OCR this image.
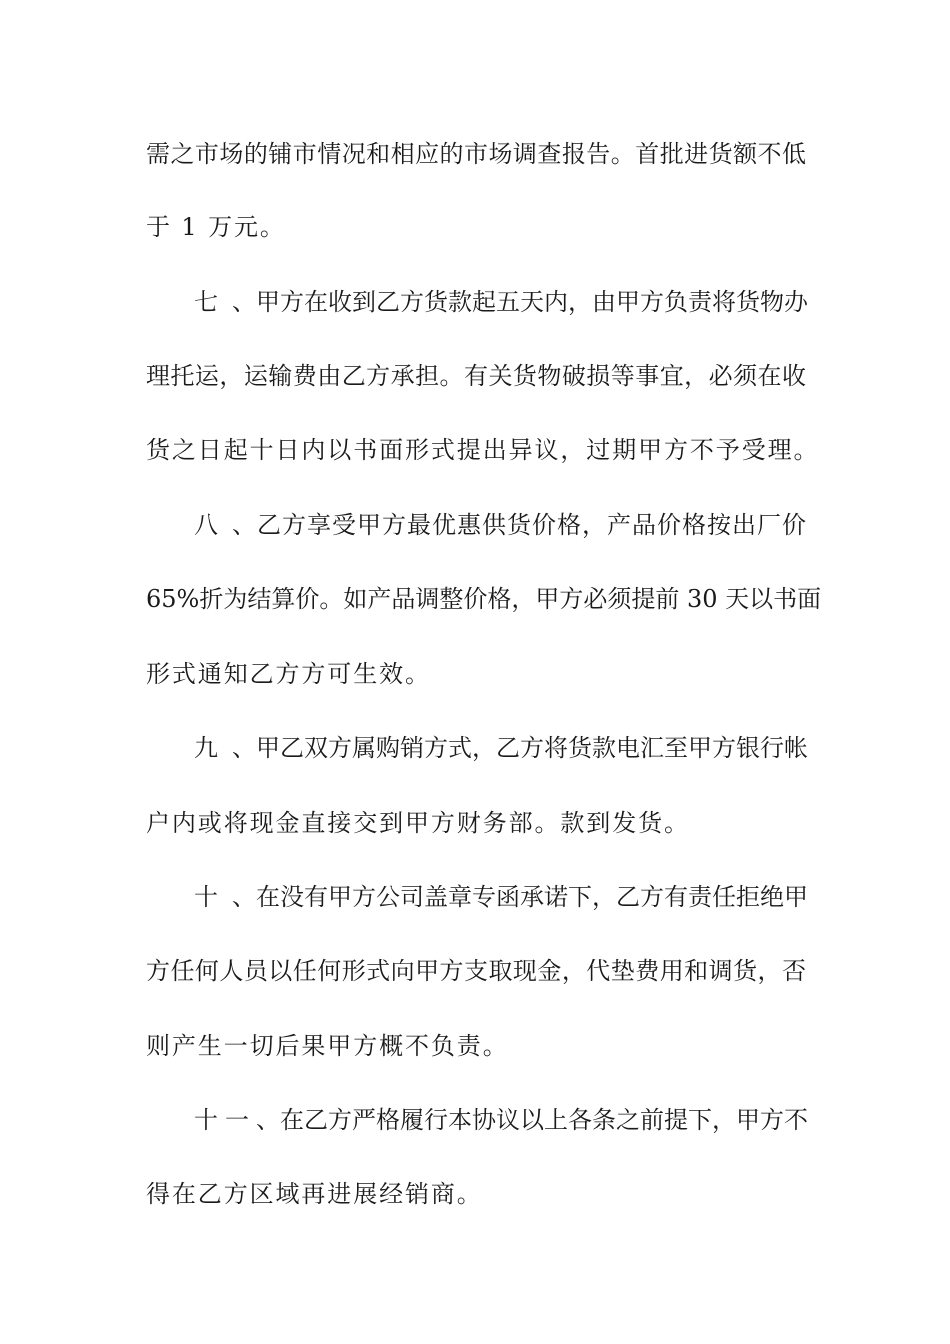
需之市场的铺市情况和相应的市场调查报告。首批进货额不低
于 1 万元。
七、甲方在收到乙方货款起五天内，由甲方负责将货物办
理托运，运输费由乙方承担。有关货物破损等事宜，必须在收
货之日起十日内以书面形式提出异议，过期甲方不予受理。
八、乙方享受甲方最优惠供货价格，产品价格按出厂价
65%折为结算价。如产品调整价格，甲方必须提前 30 天以书面
形式通知乙方方可生效。
九、甲乙双方属购销方式，乙方将货款电汇至甲方银行帐
户内或将现金直接交到甲方财务部。款到发货。
十、在没有甲方公司盖章专函承诺下，乙方有责任拒绝甲
方任何人员以任何形式向甲方支取现金，代垫费用和调货，否
则产生一切后果甲方概不负责。
十一、在乙方严格履行本协议以上各条之前提下，甲方不
得在乙方区域再进展经销商。
